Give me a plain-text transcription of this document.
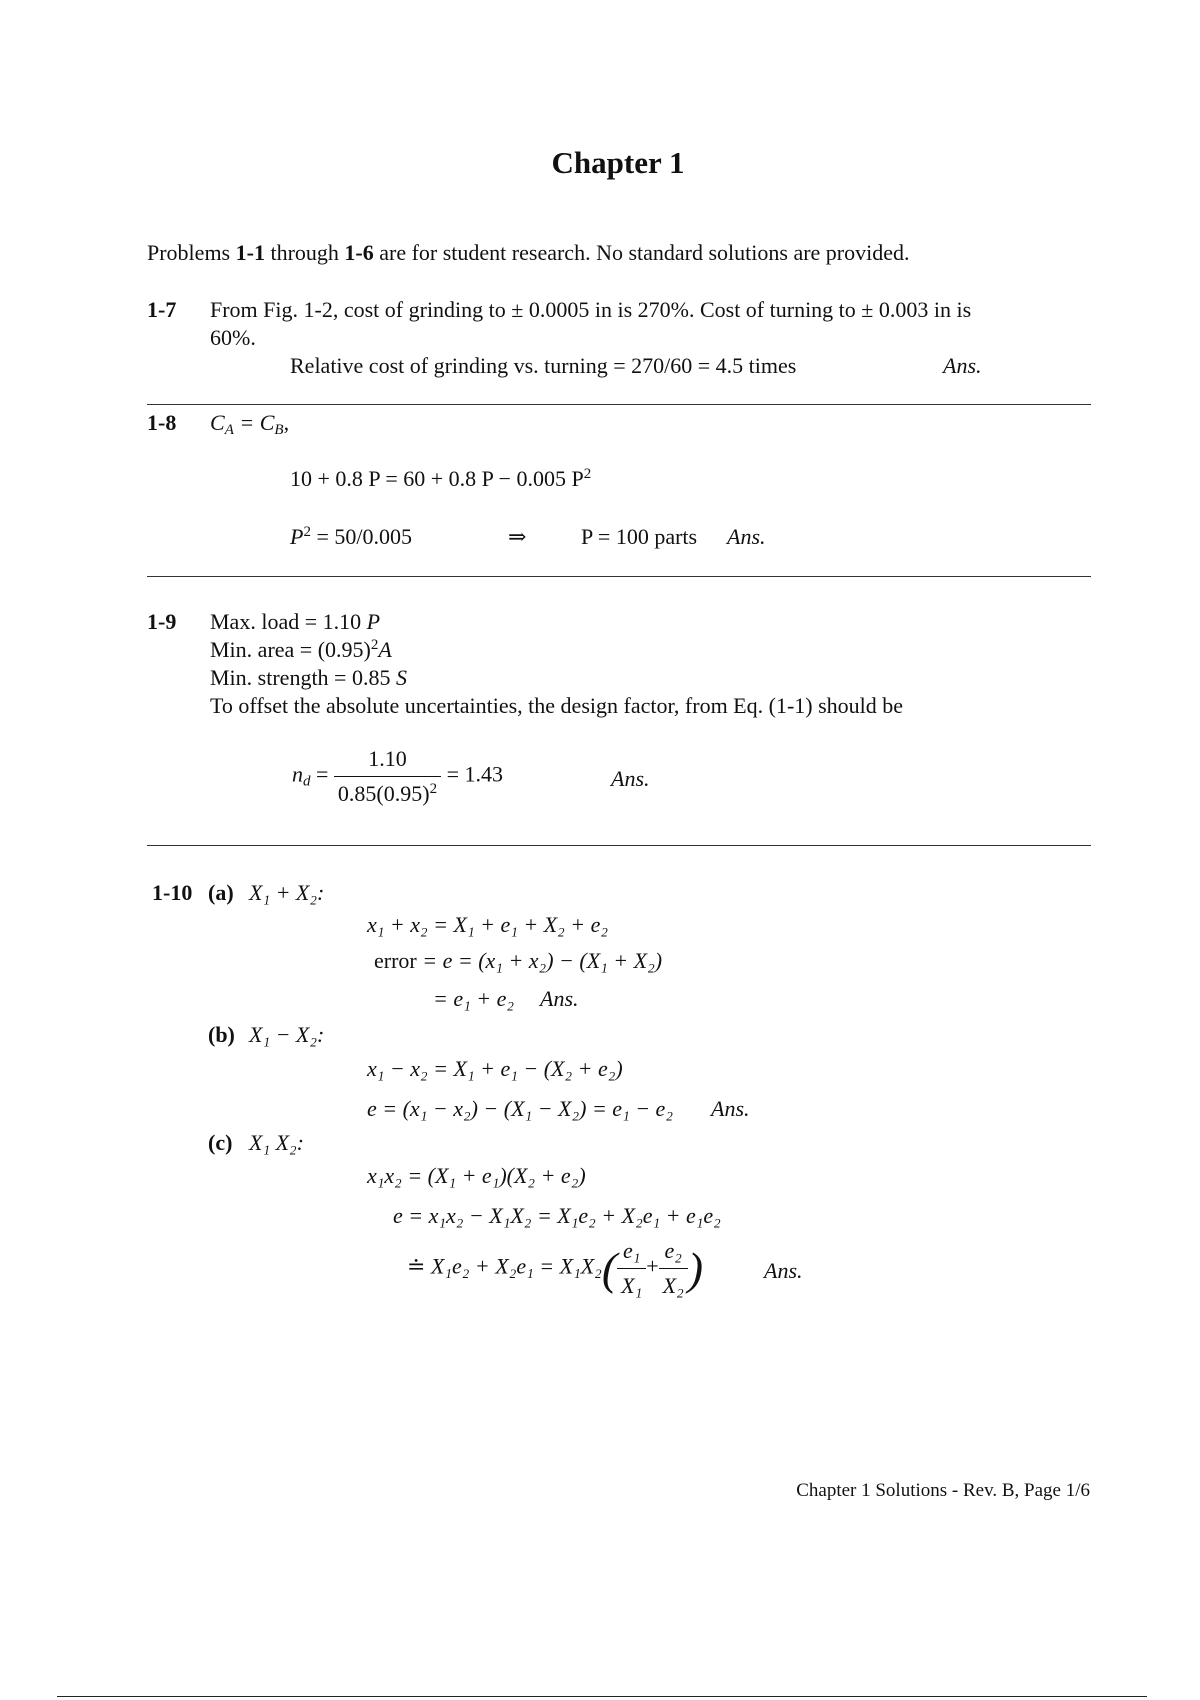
Chapter 1
Problems 1-1 through 1-6 are for student research. No standard solutions are provided.
1-7 From Fig. 1-2, cost of grinding to ± 0.0005 in is 270%. Cost of turning to ± 0.003 in is
60%.
Relative cost of grinding vs. turning = 270/60 = 4.5 times	Ans.
1-8 $C_A = C_B$,
10 + 0.8 P = 60 + 0.8 P − 0.005 $P^2$
$P^2 = 50/0.005$	⇒ P = 100 parts Ans.
1-9 Max. load = 1.10 P
Min. area = $(0.95)^2A$
Min. strength = 0.85 S
To offset the absolute uncertainties, the design factor, from Eq. (1-1) should be
$n_d = \frac{1.10}{0.85(0.95)^2} = 1.43$	Ans.
1-10 (a) X₁ + X₂:
x₁ + x₂ = X₁ + e₁ + X₂ + e₂
error = e = (x₁ + x₂) − (X₁ + X₂)
= e₁ + e₂ Ans.
(b) X₁ − X₂:
x₁ − x₂ = X₁ + e₁ − (X₂ + e₂)
e = (x₁ − x₂) − (X₁ − X₂) = e₁ − e₂ Ans.
(c) X₁ X₂:
x₁x₂ = (X₁ + e₁)(X₂ + e₂)
e = x₁x₂ − X₁X₂ = X₁e₂ + X₂e₁ + e₁e₂
≐ $X_1e_2 + X_2e_1 = X_1X_2( \frac{\text{e₁}}{\text{X₁}} + \frac{\text{e₂}}{\text{X₂}}$ )	Ans.
Chapter 1 Solutions - Rev. B, Page 1/6
